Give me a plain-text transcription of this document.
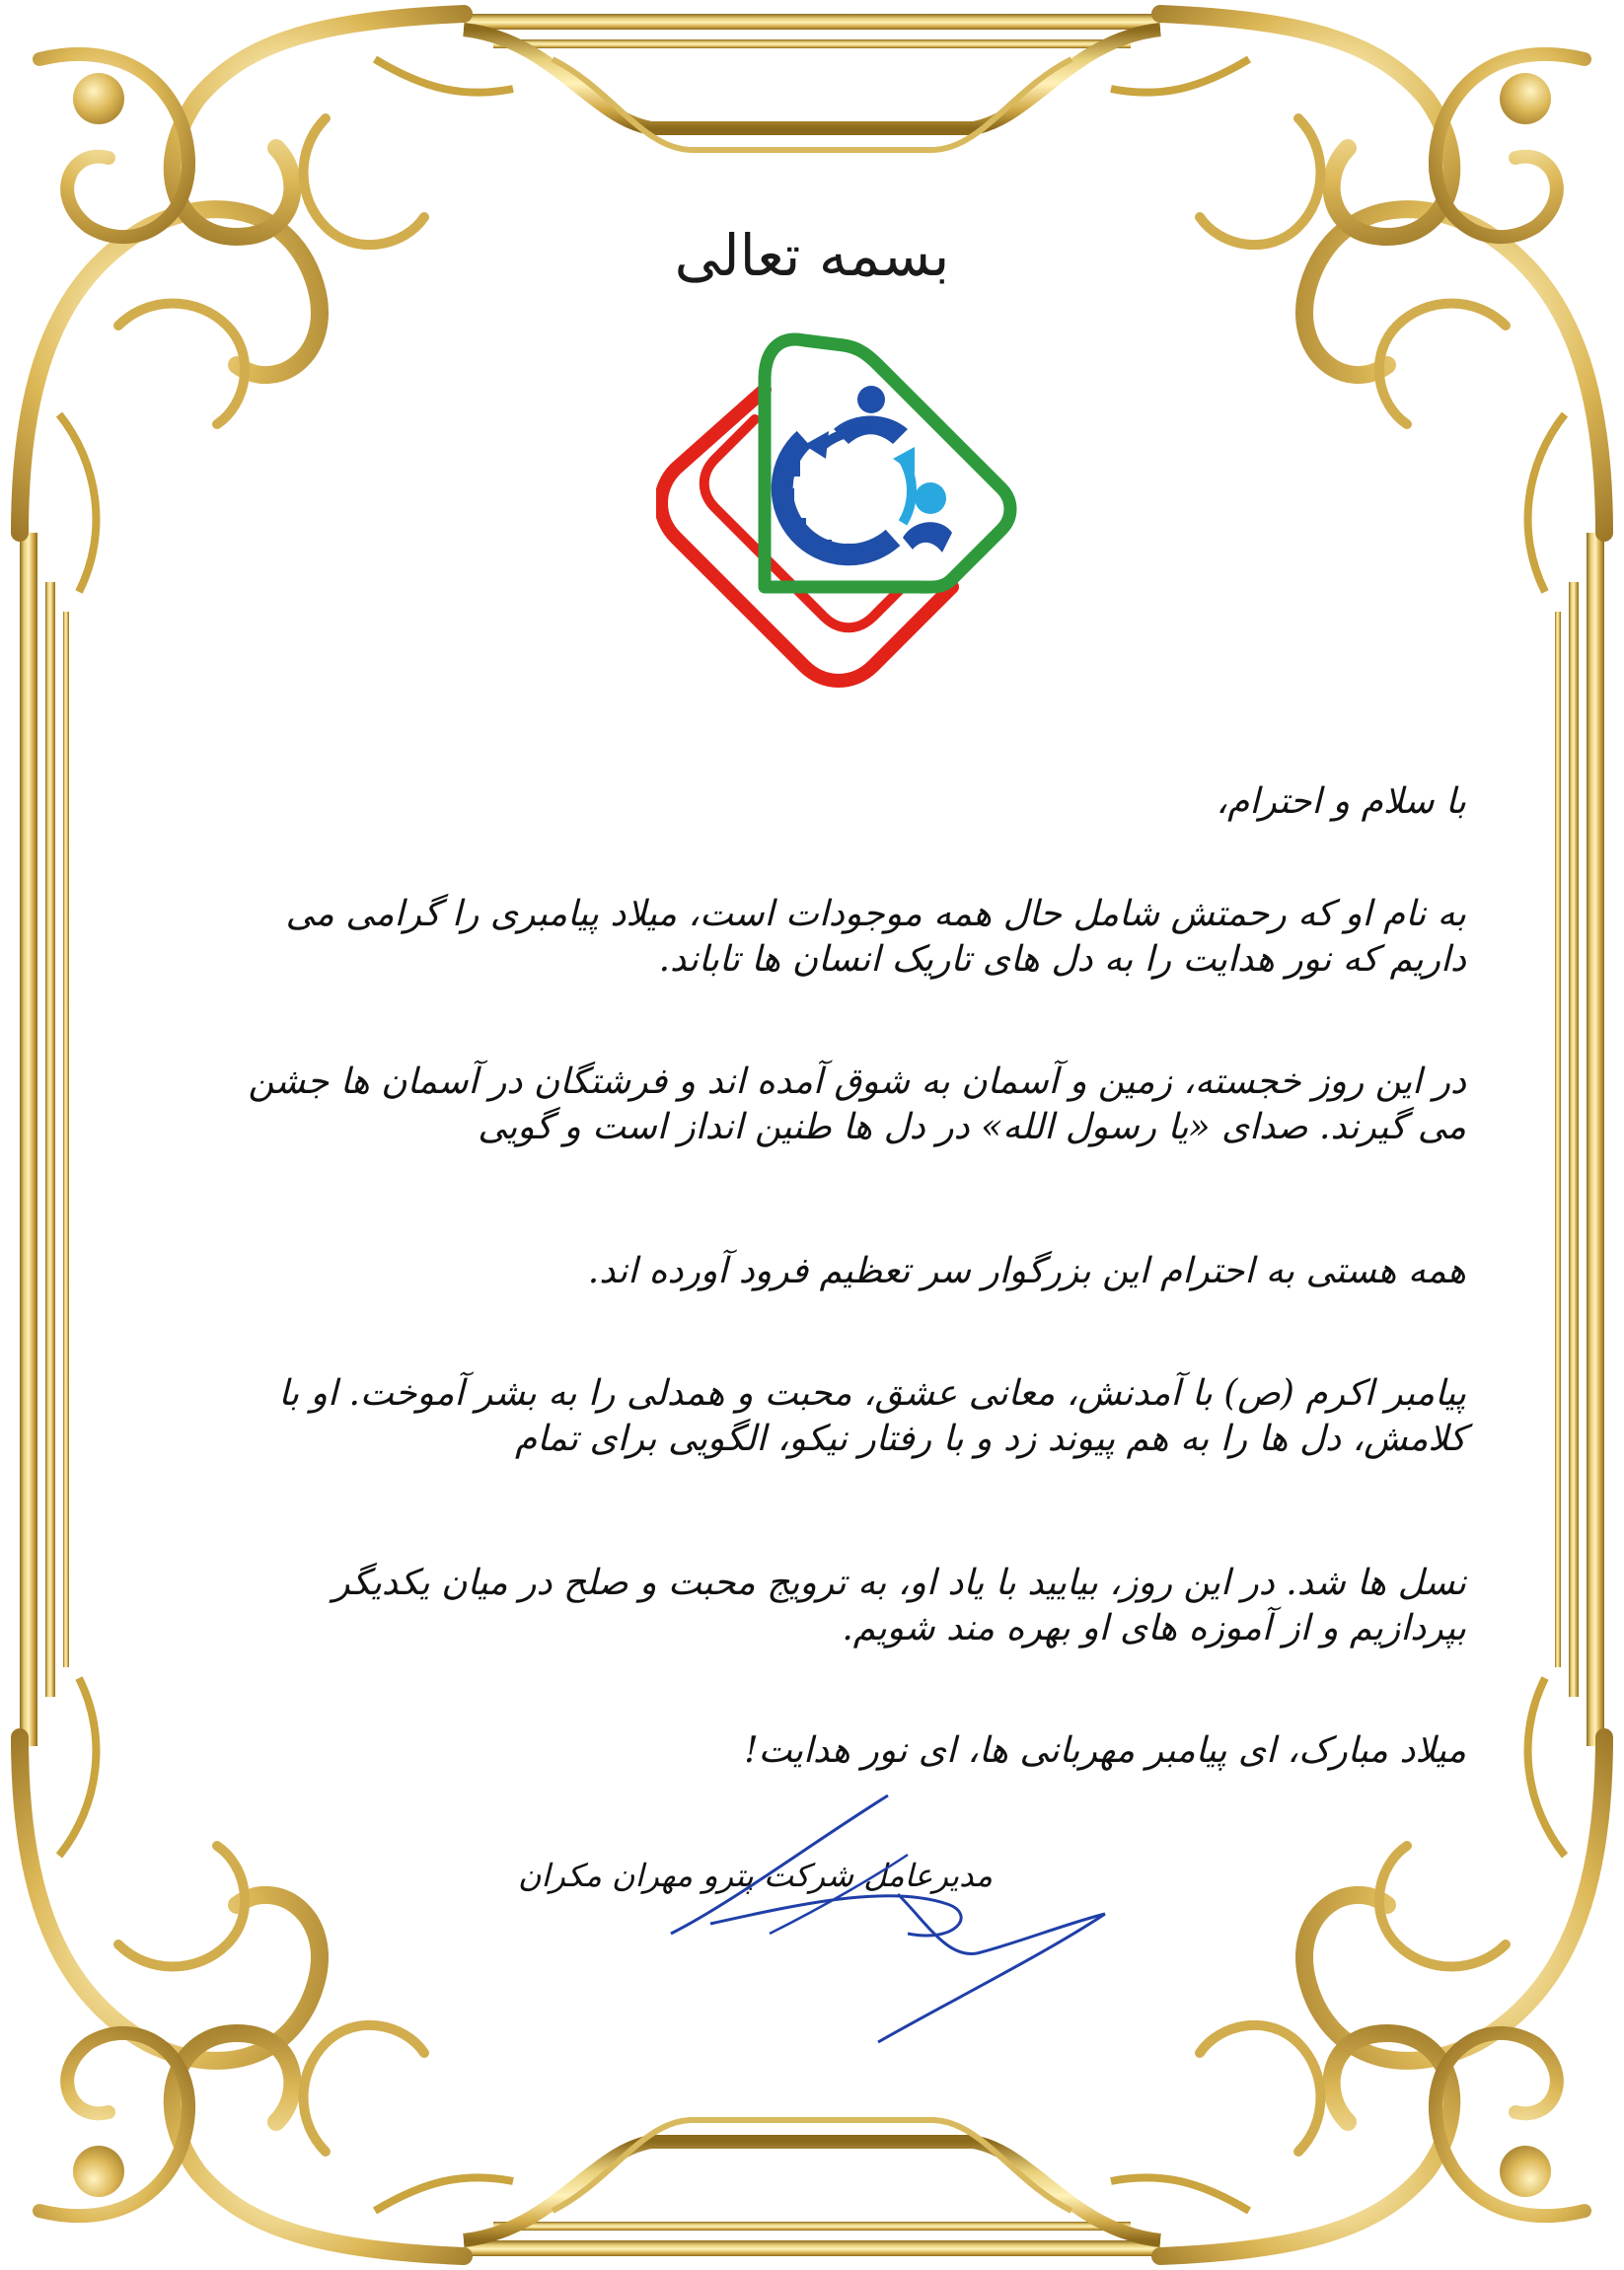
بسمه تعالی

با سلام و احترام،

به نام او که رحمتش شامل حال همه موجودات است، میلاد پیامبری را گرامی می داریم که نور هدایت را به دل های تاریک انسان ها تاباند.

در این روز خجسته، زمین و آسمان به شوق آمده اند و فرشتگان در آسمان ها جشن می گیرند. صدای «یا رسول الله» در دل ها طنین انداز است و گویی
همه هستی به احترام این بزرگوار سر تعظیم فرود آورده اند.

پیامبر اکرم (ص) با آمدنش، معانی عشق، محبت و همدلی را به بشر آموخت. او با کلامش، دل ها را به هم پیوند زد و با رفتار نیکو، الگویی برای تمام
نسل ها شد. در این روز، بیایید با یاد او، به ترویج محبت و صلح در میان یکدیگر بپردازیم و از آموزه های او بهره مند شویم.

میلاد مبارک، ای پیامبر مهربانی ها، ای نور هدایت!

مدیرعامل شرکت پترو مهران مکران
